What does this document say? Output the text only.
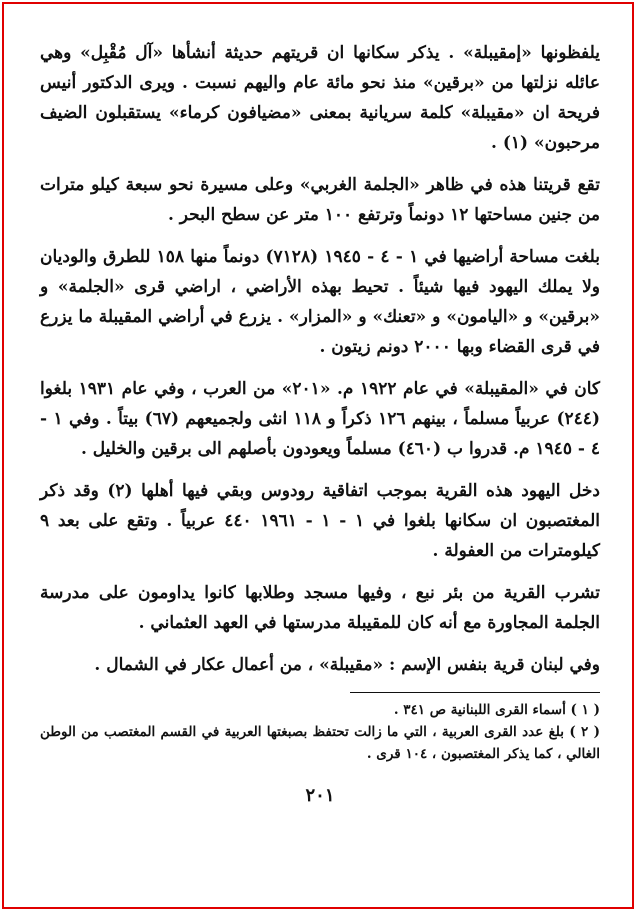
يلفظونها «إمقيبلة» . يذكر سكانها ان قريتهم حديثة أنشأها «آل مُقْبِل» وهي عائله نزلتها من «برقين» منذ نحو مائة عام واليهم نسبت . ويرى الدكتور أنيس فريحة ان «مقيبلة» كلمة سريانية بمعنى «مضيافون كرماء» يستقبلون الضيف مرحبون» (١) .

تقع قريتنا هذه في ظاهر «الجلمة الغربي» وعلى مسيرة نحو سبعة كيلو مترات من جنين مساحتها ١٢ دونماً وترتفع ١٠٠ متر عن سطح البحر .

بلغت مساحة أراضيها في ١ - ٤ - ١٩٤٥ (٧١٢٨) دونماً منها ١٥٨ للطرق والوديان ولا يملك اليهود فيها شيئاً . تحيط بهذه الأراضي ، اراضي قرى «الجلمة» و «برقين» و «اليامون» و «تعنك» و «المزار» . يزرع في أراضي المقيبلة ما يزرع في قرى القضاء وبها ٢٠٠٠ دونم زيتون .

كان في «المقيبلة» في عام ١٩٢٢ م. «٢٠١» من العرب ، وفي عام ١٩٣١ بلغوا (٢٤٤) عربياً مسلماً ، بينهم ١٢٦ ذكراً و ١١٨ انثى ولجميعهم (٦٧) بيتاً . وفي ١ - ٤ - ١٩٤٥ م. قدروا ب (٤٦٠) مسلماً ويعودون بأصلهم الى برقين والخليل .

دخل اليهود هذه القرية بموجب اتفاقية رودوس وبقي فيها أهلها (٢) وقد ذكر المغتصبون ان سكانها بلغوا في ١ - ١ - ١٩٦١ ٤٤٠ عربياً . وتقع على بعد ٩ كيلومترات من العفولة .

تشرب القرية من بئر نبع ، وفيها مسجد وطلابها كانوا يداومون على مدرسة الجلمة المجاورة مع أنه كان للمقيبلة مدرستها في العهد العثماني .

وفي لبنان قرية بنفس الإسم : «مقيبلة» ، من أعمال عكار في الشمال .

( ١ ) أسماء القرى اللبنانية ص ٣٤١ .

( ٢ ) بلغ عدد القرى العربية ، التي ما زالت تحتفظ بصبغتها العربية في القسم المغتصب من الوطن الغالي ، كما يذكر المغتصبون ، ١٠٤ قرى .

٢٠١
